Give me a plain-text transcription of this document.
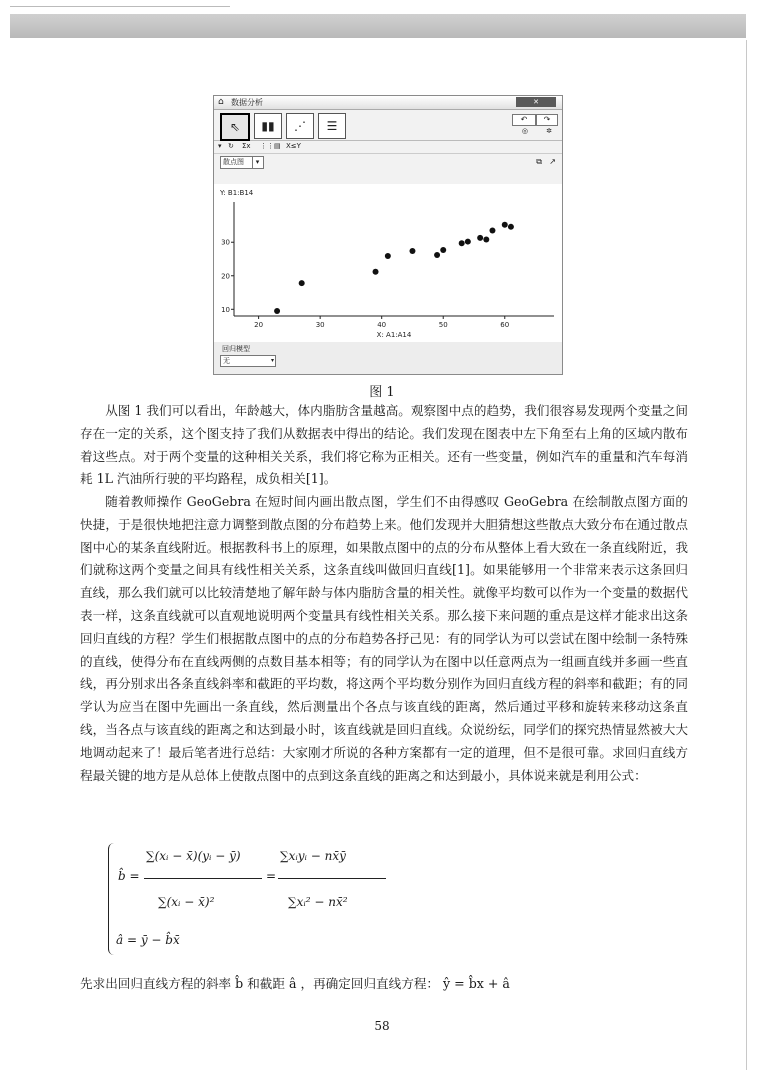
⌂ 数据分析	✕
⇖	▮▮	⋰	☰	↶	↷
◎	✲
▾ ↻ Σx ⋮⋮ ▤ X≤Y
散点图	▾	⧉ ↗
Y: B1:B14
10
20
30
20	30	40	50	60
X: A1:A14
回归模型
无	▾
图 1

从图 1 我们可以看出，年龄越大，体内脂肪含量越高。观察图中点的趋势，我们很容易发现两个变量之间存在一定的关系，这个图支持了我们从数据表中得出的结论。我们发现在图表中左下角至右上角的区域内散布着这些点。对于两个变量的这种相关关系，我们将它称为正相关。还有一些变量，例如汽车的重量和汽车每消耗 1L 汽油所行驶的平均路程，成负相关[1]。

随着教师操作 GeoGebra 在短时间内画出散点图，学生们不由得感叹 GeoGebra 在绘制散点图方面的快捷，于是很快地把注意力调整到散点图的分布趋势上来。他们发现并大胆猜想这些散点大致分布在通过散点图中心的某条直线附近。根据教科书上的原理，如果散点图中的点的分布从整体上看大致在一条直线附近，我们就称这两个变量之间具有线性相关关系，这条直线叫做回归直线[1]。如果能够用一个非常来表示这条回归直线，那么我们就可以比较清楚地了解年龄与体内脂肪含量的相关性。就像平均数可以作为一个变量的数据代表一样，这条直线就可以直观地说明两个变量具有线性相关关系。那么接下来问题的重点是这样才能求出这条回归直线的方程？学生们根据散点图中的点的分布趋势各抒己见：有的同学认为可以尝试在图中绘制一条特殊的直线，使得分布在直线两侧的点数目基本相等；有的同学认为在图中以任意两点为一组画直线并多画一些直线，再分别求出各条直线斜率和截距的平均数，将这两个平均数分别作为回归直线方程的斜率和截距；有的同学认为应当在图中先画出一条直线，然后测量出个各点与该直线的距离，然后通过平移和旋转来移动这条直线，当各点与该直线的距离之和达到最小时，该直线就是回归直线。众说纷纭，同学们的探究热情显然被大大地调动起来了！最后笔者进行总结：大家刚才所说的各种方案都有一定的道理，但不是很可靠。求回归直线方程最关键的地方是从总体上使散点图中的点到这条直线的距离之和达到最小，具体说来就是利用公式：

b̂ =
∑(xᵢ − x̄)(yᵢ − ȳ)
∑(xᵢ − x̄)²
=
∑xᵢyᵢ − nx̄ȳ
∑xᵢ² − nx̄²
â = ȳ − b̂x̄
先求出回归直线方程的斜率 b̂ 和截距 â ，再确定回归直线方程： ŷ = b̂x + â
58
